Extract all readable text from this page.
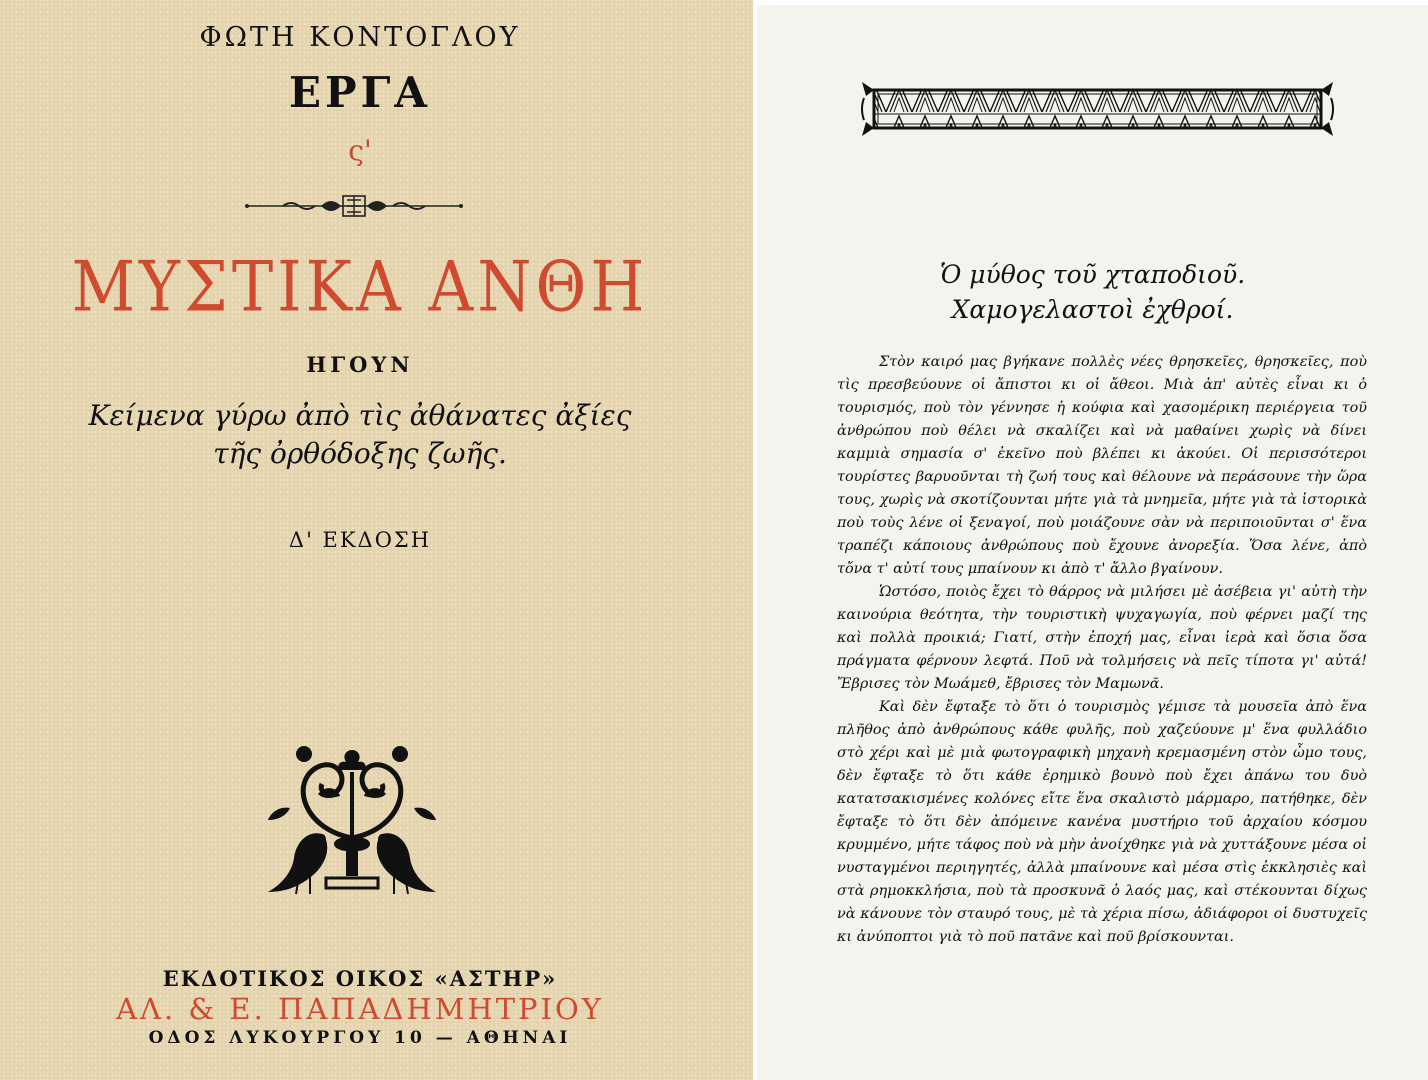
ΦΩΤΗ ΚΟΝΤΟΓΛΟΥ
ΕΡΓΑ
ς'
ΜΥΣΤΙΚΑ ΑΝΘΗ
ΗΓΟΥΝ
Κείμενα γύρω ἀπὸ τὶς ἀθάνατες ἀξίες
τῆς ὀρθόδοξης ζωῆς.
Δ' ΕΚΔΟΣΗ
ΕΚΔΟΤΙΚΟΣ ΟΙΚΟΣ «ΑΣΤΗΡ»
ΑΛ. & Ε. ΠΑΠΑΔΗΜΗΤΡΙΟΥ
ΟΔΟΣ ΛΥΚΟΥΡΓΟΥ 10 — ΑΘΗΝΑΙ
Ὁ μύθος τοῦ χταποδιοῦ.
Χαμογελαστοὶ ἐχθροί.

Στὸν καιρό μας βγήκανε πολλὲς νέες θρησκεῖες, θρησκεῖες, ποὺ τὶς πρεσβεύουνε οἱ ἄπιστοι κι οἱ ἄθεοι. Μιὰ ἀπ' αὐτὲς εἶναι κι ὁ τουρισμός, ποὺ τὸν γέννησε ἡ κούφια καὶ χασομέρικη περιέργεια τοῦ ἀνθρώπου ποὺ θέλει νὰ σκαλίζει καὶ νὰ μαθαίνει χωρὶς νὰ δίνει καμμιὰ σημασία σ' ἐκεῖνο ποὺ βλέπει κι ἀκούει. Οἱ περισσότεροι τουρίστες βαρυοῦνται τὴ ζωή τους καὶ θέλουνε νὰ περάσουνε τὴν ὥρα τους, χωρὶς νὰ σκοτίζουνται μήτε γιὰ τὰ μνημεῖα, μήτε γιὰ τὰ ἱστορικὰ ποὺ τοὺς λένε οἱ ξεναγοί, ποὺ μοιάζουνε σὰν νὰ περιποιοῦνται σ' ἕνα τραπέζι κάποιους ἀνθρώπους ποὺ ἔχουνε ἀνορεξία. Ὅσα λένε, ἀπὸ τὄνα τ' αὐτί τους μπαίνουν κι ἀπὸ τ' ἄλλο βγαίνουν.

Ὡστόσο, ποιὸς ἔχει τὸ θάρρος νὰ μιλήσει μὲ ἀσέβεια γι' αὐτὴ τὴν καινούρια θεότητα, τὴν τουριστικὴ ψυχαγωγία, ποὺ φέρνει μαζί της καὶ πολλὰ προικιά; Γιατί, στὴν ἐποχή μας, εἶναι ἱερὰ καὶ ὅσια ὅσα πράγματα φέρνουν λεφτά. Ποῦ νὰ τολμήσεις νὰ πεῖς τίποτα γι' αὐτά! Ἔβρισες τὸν Μωάμεθ, ἔβρισες τὸν Μαμωνᾶ.

Καὶ δὲν ἔφταξε τὸ ὅτι ὁ τουρισμὸς γέμισε τὰ μουσεῖα ἀπὸ ἕνα πλῆθος ἀπὸ ἀνθρώπους κάθε φυλῆς, ποὺ χαζεύουνε μ' ἕνα φυλλάδιο στὸ χέρι καὶ μὲ μιὰ φωτογραφικὴ μηχανὴ κρεμασμένη στὸν ὦμο τους, δὲν ἔφταξε τὸ ὅτι κάθε ἐρημικὸ βουνὸ ποὺ ἔχει ἀπάνω του δυὸ κατατσακισμένες κολόνες εἴτε ἕνα σκαλιστὸ μάρμαρο, πατήθηκε, δὲν ἔφταξε τὸ ὅτι δὲν ἀπόμεινε κανένα μυστήριο τοῦ ἀρχαίου κόσμου κρυμμένο, μήτε τάφος ποὺ νὰ μὴν ἀνοίχθηκε γιὰ νὰ χυττάξουνε μέσα οἱ νυσταγμένοι περιηγητές, ἀλλὰ μπαίνουνε καὶ μέσα στὶς ἐκκλησιὲς καὶ στὰ ρημοκκλήσια, ποὺ τὰ προσκυνᾶ ὁ λαός μας, καὶ στέκουνται δίχως νὰ κάνουνε τὸν σταυρό τους, μὲ τὰ χέρια πίσω, ἀδιάφοροι οἱ δυστυχεῖς κι ἀνύποπτοι γιὰ τὸ ποῦ πατᾶνε καὶ ποῦ βρίσκουνται.
